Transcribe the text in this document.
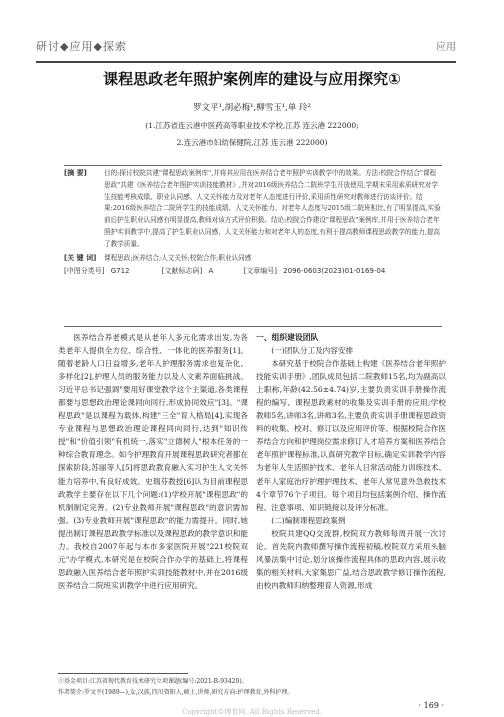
研讨◆应用◆探索	应用
课程思政老年照护案例库的建设与应用探究①
罗文平¹,胡必梅¹,柳雪玉¹,单 玲²
(1.江苏省连云港中医药高等职业技术学校,江苏 连云港 222000;
2.连云港市妇幼保健院,江苏 连云港 222000)
[摘 要]	目的:探讨校院共建"课程思政案例库",并将其应用在医养结合老年照护实训教学中的效果。方法:校院合作结合"课程思政"共建《医养结合老年照护实训技能教材》,并对2016级医养结合二院班学生开放使用,学期末采用素质研究对学生技能考核成绩、职业认同感、人文关怀能力及对老年人态度进行评价,采用质性研究对教师进行访谈评价。结果:2016级医养结合二院班学生的技能成绩、人文关怀能力、对老年人态度与2015级二院班相比,有了明显提高,实验前后护生职业认同感有明显提高,教师对该方式评价积极。结论:校院合作建设"课程思政"案例库,并用于医养结合老年照护实训教学中,提高了护生职业认同感、人文关怀能力和对老年人的态度,有利于提高教师课程思政教学的能力,提高了教学质量。
[关 键 词] 课程思政;医养结合;人文关怀;校院合作;职业认同感
[中图分类号] G712	[文献标志码] A	[文章编号] 2096-0603(2023)01-0169-04

医养结合养老模式是从老年人多元化需求出发,为各类老年人提供全方位、综合性、一体化的医养服务[1]。随着老龄人口日益增多,老年人护理服务需求也复杂化、多样化[2],护理人员的服务能力以及人文素养面临挑战。习近平总书记强调"要用好课堂教学这个主渠道,各类课程都要与思想政治理论课同向同行,形成协同效应"[3]。"课程思政"是以课程为载体,构建"三全"育人格局[4],实现各专业课程与思想政治理论课程同向同行,达到"知识传授"和"价值引领"有机统一,落实"立德树人"根本任务的一种综合教育理念。如今护理教育开展课程思政研究者都在探索阶段,苏丽等人[5]将思政教育融入实习护生人文关怀能力培养中,有良好成效。史瑞芬教授[6]认为目前课程思政教学主要存在以下几个问题:(1)学校开展"课程思政"的机制制定完善。(2)专业教师开展"课程思政"的意识需加强。(3)专业教师开展"课程思政"的能力需提升。同时,她提出制订课程思政教学标准以及课程思政的教学意识和能力。我校自2007年起与本市多家医院开展"221校院双元"办学模式,本研究是在校院合作办学的基础上,将课程思政融入医养结合老年照护实训技能教材中,并在2016级医养结合二院班实训教学中进行应用研究。

一、组织建设团队

(一)团队分工及内容安排

本研究基于校院合作基础上构建《医养结合老年照护技能实训手册》,团队成员包括二院教师15名,均为副高以上职称,年龄(42.56±4.74)岁,主要负责实训手册操作流程的编写、课程思政素材的收集及实训手册的应用;学校教师5名,讲师3名,讲师3名,主要负责实训手册课程思政资料的收集、校对、修订以及应用评价等。根据校院合作医养结合方向和护理岗位需求修订人才培养方案和医养结合老年照护课程标准,认真研究教学目标,确定实训教学内容为老年人生活照护技术、老年人日常活动能力训练技术、老年人家庭治疗护理护理技术、老年人常见意外急救技术4个章节76个子项目。每个项目均包括案例介绍、操作流程、注意事项、知识链接以及评分标准。

(二)编制课程思政案例

校院共建QQ交流群,校院双方教师每周开展一次讨论。首先院内教师撰写操作流程初稿,校院双方采用头脑风暴法集中讨论,划分该操作流程具体的思政内容,展示收集的相关材料,大家集思广益,结合思政教学修订操作流程,由校内教师归纳整理育人资源,形成

①基金项目:江苏省现代教育技术研究立项课题(编号:2021-R-93420)。
作者简介:罗文平(1989—),女,汉族,四川资阳人,硕士,讲师,研究方向:护理教育,外科护理。
· 169 ·
Copyright©博看网. All Rights Reserved.
